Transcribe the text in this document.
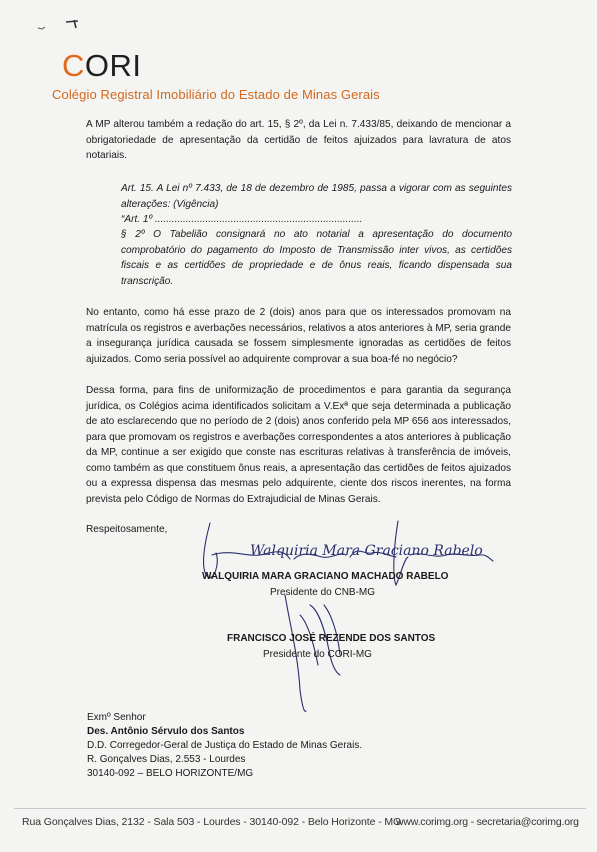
CORI
Colégio Registral Imobiliário do Estado de Minas Gerais
A MP alterou também a redação do art. 15, § 2º, da Lei n. 7.433/85, deixando de mencionar a obrigatoriedade de apresentação da certidão de feitos ajuizados para lavratura de atos notariais.
Art. 15. A Lei nº 7.433, de 18 de dezembro de 1985, passa a vigorar com as seguintes alterações: (Vigência)
“Art. 1º ..........................................................................
§ 2º O Tabelião consignará no ato notarial a apresentação do documento comprobatório do pagamento do Imposto de Transmissão inter vivos, as certidões fiscais e as certidões de propriedade e de ônus reais, ficando dispensada sua transcrição.
No entanto, como há esse prazo de 2 (dois) anos para que os interessados promovam na matrícula os registros e averbações necessários, relativos a atos anteriores à MP, seria grande a insegurança jurídica causada se fossem simplesmente ignoradas as certidões de feitos ajuizados. Como seria possível ao adquirente comprovar a sua boa-fé no negócio?
Dessa forma, para fins de uniformização de procedimentos e para garantia da segurança jurídica, os Colégios acima identificados solicitam a V.Exª que seja determinada a publicação de ato esclarecendo que no período de 2 (dois) anos conferido pela MP 656 aos interessados, para que promovam os registros e averbações correspondentes a atos anteriores à publicação da MP, continue a ser exigido que conste nas escrituras relativas à transferência de imóveis, como também as que constituem ônus reais, a apresentação das certidões de feitos ajuizados ou a expressa dispensa das mesmas pelo adquirente, ciente dos riscos inerentes, na forma prevista pelo Código de Normas do Extrajudicial de Minas Gerais.
Respeitosamente,
Walquiria Mara Graciano Rabelo
WALQUIRIA MARA GRACIANO MACHADO RABELO
Presidente do CNB-MG
FRANCISCO JOSÉ REZENDE DOS SANTOS
Presidente do CORI-MG
Exmº Senhor
Des. Antônio Sérvulo dos Santos
D.D. Corregedor-Geral de Justiça do Estado de Minas Gerais.
R. Gonçalves Dias, 2.553 - Lourdes
30140-092 – BELO HORIZONTE/MG
Rua Gonçalves Dias, 2132 - Sala 503 - Lourdes - 30140-092 - Belo Horizonte - MG
www.corimg.org - secretaria@corimg.org
